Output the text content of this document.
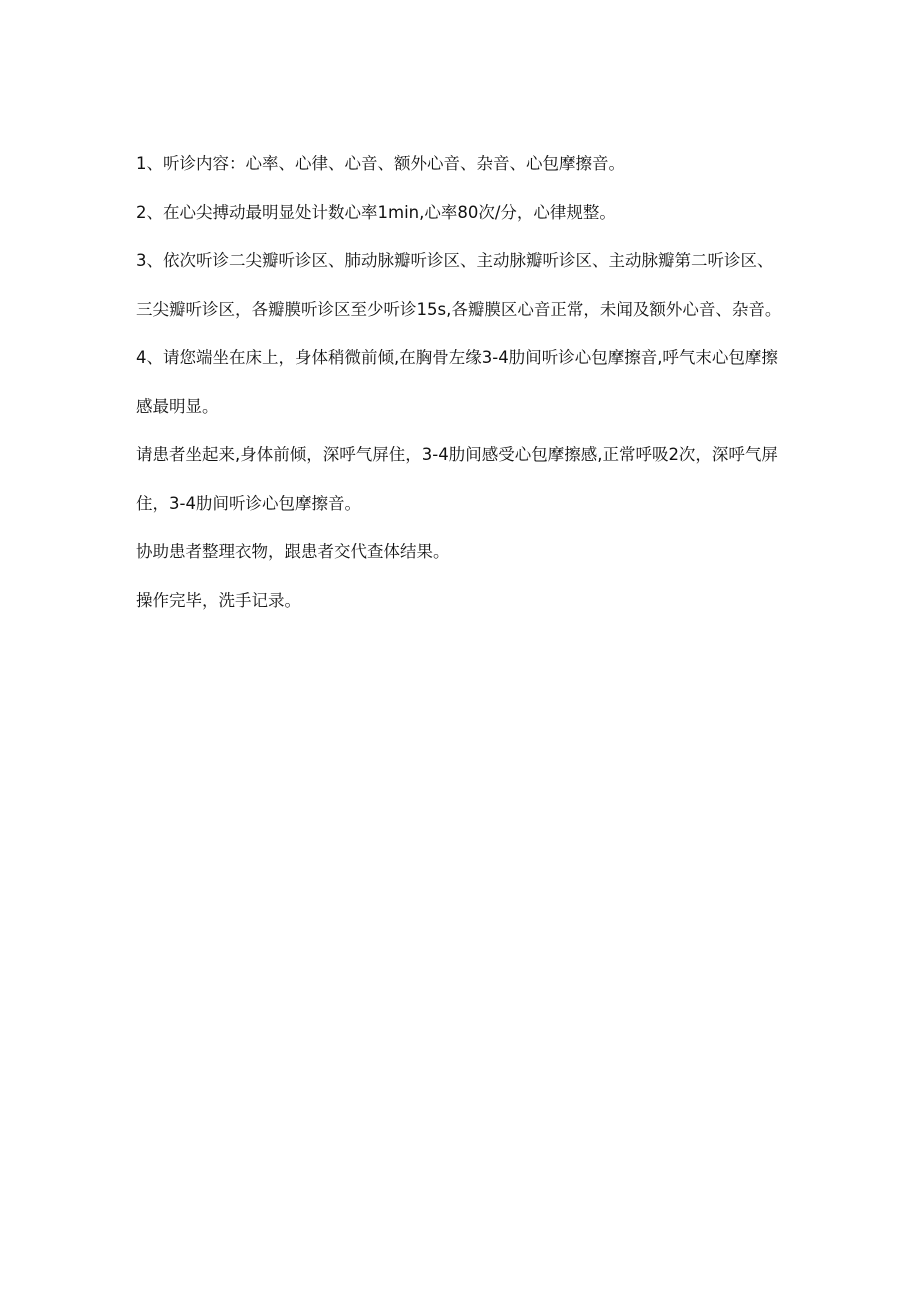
1、听诊内容：心率、心律、心音、额外心音、杂音、心包摩擦音。

2、在心尖搏动最明显处计数心率1min,心率80次/分，心律规整。

3、依次听诊二尖瓣听诊区、肺动脉瓣听诊区、主动脉瓣听诊区、主动脉瓣第二听诊区、

三尖瓣听诊区，各瓣膜听诊区至少听诊15s,各瓣膜区心音正常，未闻及额外心音、杂音。

4、请您端坐在床上，身体稍微前倾,在胸骨左缘3-4肋间听诊心包摩擦音,呼气末心包摩擦

感最明显。

请患者坐起来,身体前倾，深呼气屏住，3-4肋间感受心包摩擦感,正常呼吸2次，深呼气屏

住，3-4肋间听诊心包摩擦音。

协助患者整理衣物，跟患者交代查体结果。

操作完毕，洗手记录。
